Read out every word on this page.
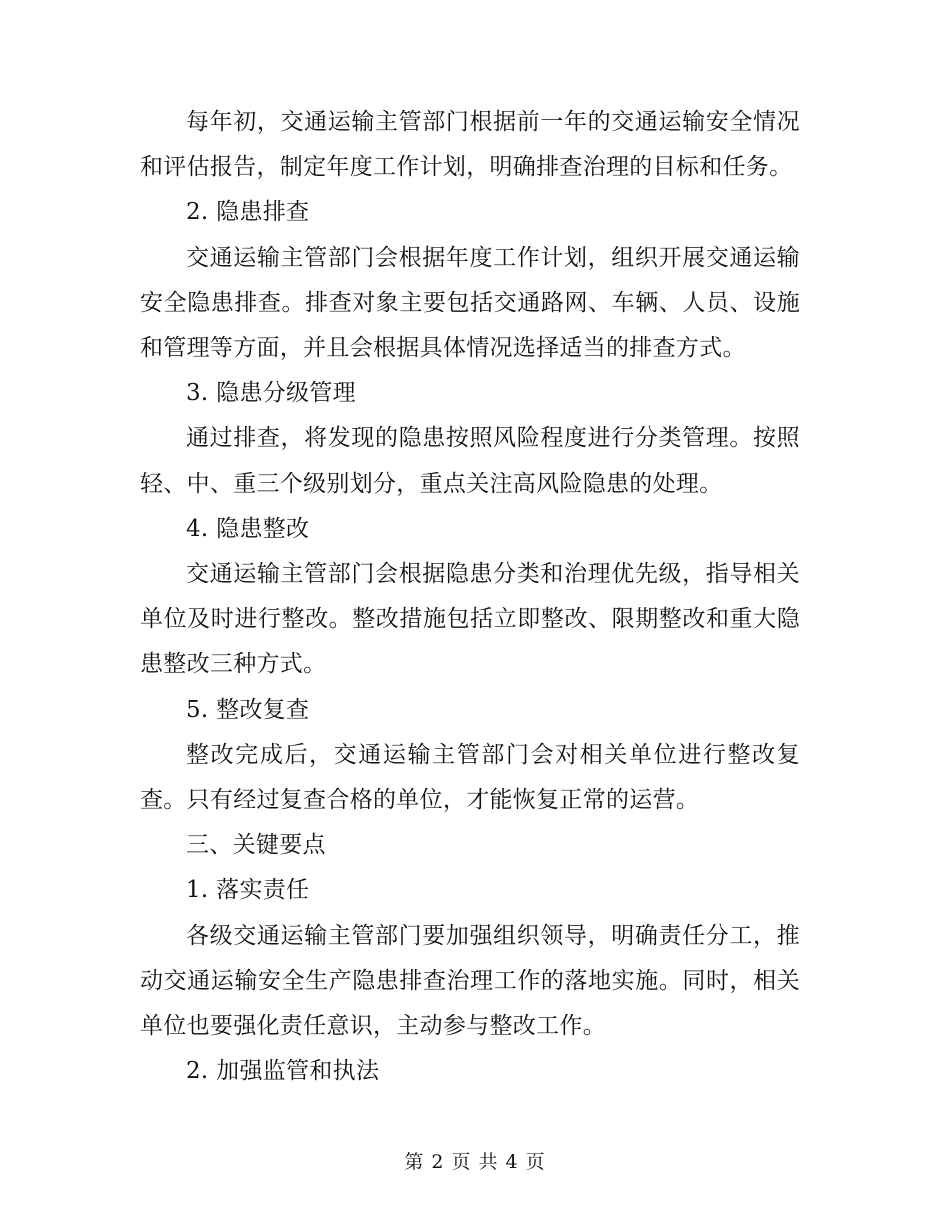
每年初，交通运输主管部门根据前一年的交通运输安全情况和评估报告，制定年度工作计划，明确排查治理的目标和任务。

2. 隐患排查

交通运输主管部门会根据年度工作计划，组织开展交通运输安全隐患排查。排查对象主要包括交通路网、车辆、人员、设施和管理等方面，并且会根据具体情况选择适当的排查方式。

3. 隐患分级管理

通过排查，将发现的隐患按照风险程度进行分类管理。按照轻、中、重三个级别划分，重点关注高风险隐患的处理。

4. 隐患整改

交通运输主管部门会根据隐患分类和治理优先级，指导相关单位及时进行整改。整改措施包括立即整改、限期整改和重大隐患整改三种方式。

5. 整改复查

整改完成后，交通运输主管部门会对相关单位进行整改复查。只有经过复查合格的单位，才能恢复正常的运营。

三、关键要点

1. 落实责任

各级交通运输主管部门要加强组织领导，明确责任分工，推动交通运输安全生产隐患排查治理工作的落地实施。同时，相关单位也要强化责任意识，主动参与整改工作。

2. 加强监管和执法

第 2 页 共 4 页
